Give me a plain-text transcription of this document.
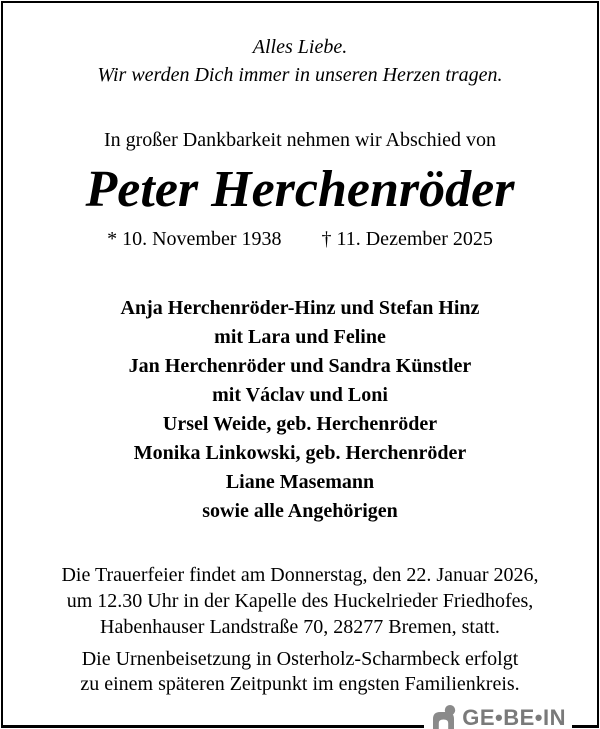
Alles Liebe.
Wir werden Dich immer in unseren Herzen tragen.
In großer Dankbarkeit nehmen wir Abschied von
Peter Herchenröder
* 10. November 1938 † 11. Dezember 2025
Anja Herchenröder-Hinz und Stefan Hinz
mit Lara und Feline
Jan Herchenröder und Sandra Künstler
mit Václav und Loni
Ursel Weide, geb. Herchenröder
Monika Linkowski, geb. Herchenröder
Liane Masemann
sowie alle Angehörigen
Die Trauerfeier findet am Donnerstag, den 22. Januar 2026,
um 12.30 Uhr in der Kapelle des Huckelrieder Friedhofes,
Habenhauser Landstraße 70, 28277 Bremen, statt.
Die Urnenbeisetzung in Osterholz-Scharmbeck erfolgt
zu einem späteren Zeitpunkt im engsten Familienkreis.
GE•BE•IN
